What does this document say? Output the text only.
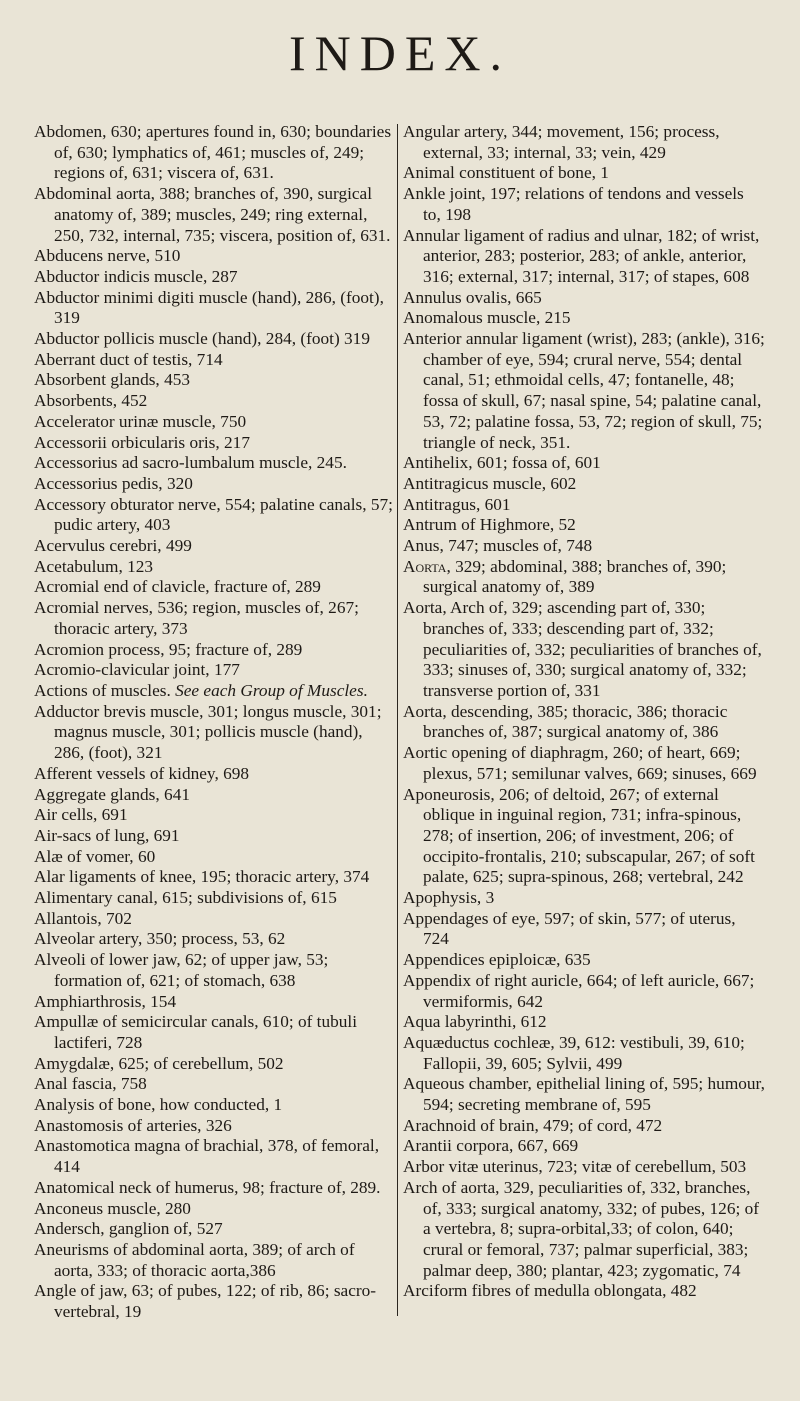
INDEX.

Abdomen, 630; apertures found in, 630; boundaries of, 630; lymphatics of, 461; muscles of, 249; regions of, 631; viscera of, 631.

Abdominal aorta, 388; branches of, 390, surgical anatomy of, 389; muscles, 249; ring external, 250, 732, internal, 735; viscera, position of, 631.

Abducens nerve, 510

Abductor indicis muscle, 287

Abductor minimi digiti muscle (hand), 286, (foot), 319

Abductor pollicis muscle (hand), 284, (foot) 319

Aberrant duct of testis, 714

Absorbent glands, 453

Absorbents, 452

Accelerator urinæ muscle, 750

Accessorii orbicularis oris, 217

Accessorius ad sacro-lumbalum muscle, 245.

Accessorius pedis, 320

Accessory obturator nerve, 554; palatine canals, 57; pudic artery, 403

Acervulus cerebri, 499

Acetabulum, 123

Acromial end of clavicle, fracture of, 289

Acromial nerves, 536; region, muscles of, 267; thoracic artery, 373

Acromion process, 95; fracture of, 289

Acromio-clavicular joint, 177

Actions of muscles. See each Group of Muscles.

Adductor brevis muscle, 301; longus muscle, 301; magnus muscle, 301; pollicis muscle (hand), 286, (foot), 321

Afferent vessels of kidney, 698

Aggregate glands, 641

Air cells, 691

Air-sacs of lung, 691

Alæ of vomer, 60

Alar ligaments of knee, 195; thoracic artery, 374

Alimentary canal, 615; subdivisions of, 615

Allantois, 702

Alveolar artery, 350; process, 53, 62

Alveoli of lower jaw, 62; of upper jaw, 53; formation of, 621; of stomach, 638

Amphiarthrosis, 154

Ampullæ of semicircular canals, 610; of tubuli lactiferi, 728

Amygdalæ, 625; of cerebellum, 502

Anal fascia, 758

Analysis of bone, how conducted, 1

Anastomosis of arteries, 326

Anastomotica magna of brachial, 378, of femoral, 414

Anatomical neck of humerus, 98; fracture of, 289.

Anconeus muscle, 280

Andersch, ganglion of, 527

Aneurisms of abdominal aorta, 389; of arch of aorta, 333; of thoracic aorta,386

Angle of jaw, 63; of pubes, 122; of rib, 86; sacro-vertebral, 19

Angular artery, 344; movement, 156; process, external, 33; internal, 33; vein, 429

Animal constituent of bone, 1

Ankle joint, 197; relations of tendons and vessels to, 198

Annular ligament of radius and ulnar, 182; of wrist, anterior, 283; posterior, 283; of ankle, anterior, 316; external, 317; internal, 317; of stapes, 608

Annulus ovalis, 665

Anomalous muscle, 215

Anterior annular ligament (wrist), 283; (ankle), 316; chamber of eye, 594; crural nerve, 554; dental canal, 51; ethmoidal cells, 47; fontanelle, 48; fossa of skull, 67; nasal spine, 54; palatine canal, 53, 72; palatine fossa, 53, 72; region of skull, 75; triangle of neck, 351.

Antihelix, 601; fossa of, 601

Antitragicus muscle, 602

Antitragus, 601

Antrum of Highmore, 52

Anus, 747; muscles of, 748

Aorta, 329; abdominal, 388; branches of, 390; surgical anatomy of, 389

Aorta, Arch of, 329; ascending part of, 330; branches of, 333; descending part of, 332; peculiarities of, 332; peculiarities of branches of, 333; sinuses of, 330; surgical anatomy of, 332; transverse portion of, 331

Aorta, descending, 385; thoracic, 386; thoracic branches of, 387; surgical anatomy of, 386

Aortic opening of diaphragm, 260; of heart, 669; plexus, 571; semilunar valves, 669; sinuses, 669

Aponeurosis, 206; of deltoid, 267; of external oblique in inguinal region, 731; infra-spinous, 278; of insertion, 206; of investment, 206; of occipito-frontalis, 210; subscapular, 267; of soft palate, 625; supra-spinous, 268; vertebral, 242

Apophysis, 3

Appendages of eye, 597; of skin, 577; of uterus, 724

Appendices epiploicæ, 635

Appendix of right auricle, 664; of left auricle, 667; vermiformis, 642

Aqua labyrinthi, 612

Aquæductus cochleæ, 39, 612: vestibuli, 39, 610; Fallopii, 39, 605; Sylvii, 499

Aqueous chamber, epithelial lining of, 595; humour, 594; secreting membrane of, 595

Arachnoid of brain, 479; of cord, 472

Arantii corpora, 667, 669

Arbor vitæ uterinus, 723; vitæ of cerebellum, 503

Arch of aorta, 329, peculiarities of, 332, branches, of, 333; surgical anatomy, 332; of pubes, 126; of a vertebra, 8; supra-orbital,33; of colon, 640; crural or femoral, 737; palmar superficial, 383; palmar deep, 380; plantar, 423; zygomatic, 74

Arciform fibres of medulla oblongata, 482
